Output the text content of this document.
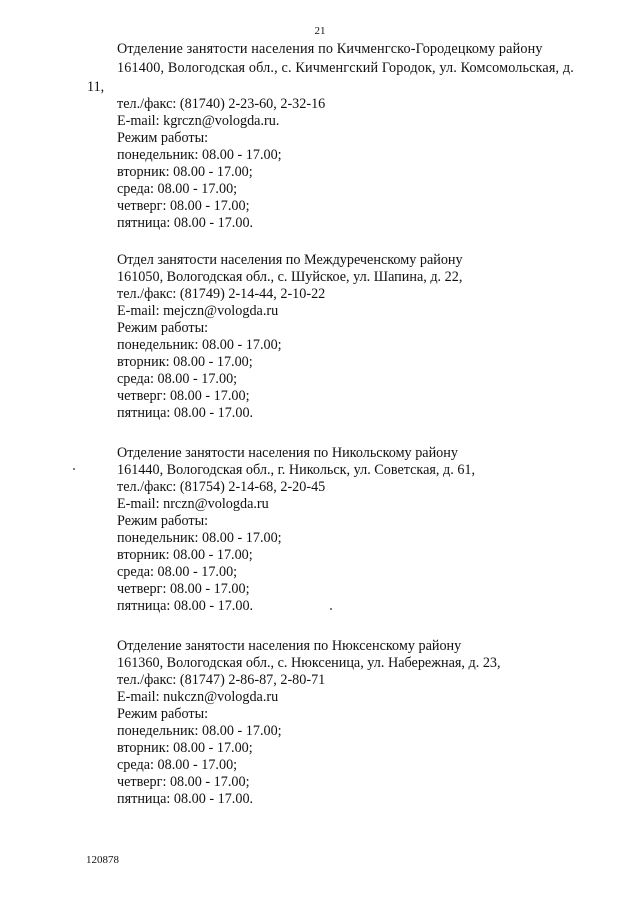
21
Отделение занятости населения по Кичменгско-Городецкому району
161400, Вологодская обл., с. Кичменгский Городок, ул. Комсомольская, д.
11,
тел./факс: (81740) 2-23-60, 2-32-16
E-mail: kgrczn@vologda.ru.
Режим работы:
понедельник: 08.00 - 17.00;
вторник: 08.00 - 17.00;
среда: 08.00 - 17.00;
четверг: 08.00 - 17.00;
пятница: 08.00 - 17.00.
Отдел занятости населения по Междуреченскому району
161050, Вологодская обл., с. Шуйское, ул. Шапина, д. 22,
тел./факс: (81749) 2-14-44, 2-10-22
E-mail: mejczn@vologda.ru
Режим работы:
понедельник: 08.00 - 17.00;
вторник: 08.00 - 17.00;
среда: 08.00 - 17.00;
четверг: 08.00 - 17.00;
пятница: 08.00 - 17.00.
Отделение занятости населения по Никольскому району
161440, Вологодская обл., г. Никольск, ул. Советская, д. 61,
тел./факс: (81754) 2-14-68, 2-20-45
E-mail: nrczn@vologda.ru
Режим работы:
понедельник: 08.00 - 17.00;
вторник: 08.00 - 17.00;
среда: 08.00 - 17.00;
четверг: 08.00 - 17.00;
пятница: 08.00 - 17.00.
Отделение занятости населения по Нюксенскому району
161360, Вологодская обл., с. Нюксеница, ул. Набережная, д. 23,
тел./факс: (81747) 2-86-87, 2-80-71
E-mail: nukczn@vologda.ru
Режим работы:
понедельник: 08.00 - 17.00;
вторник: 08.00 - 17.00;
среда: 08.00 - 17.00;
четверг: 08.00 - 17.00;
пятница: 08.00 - 17.00.
120878
